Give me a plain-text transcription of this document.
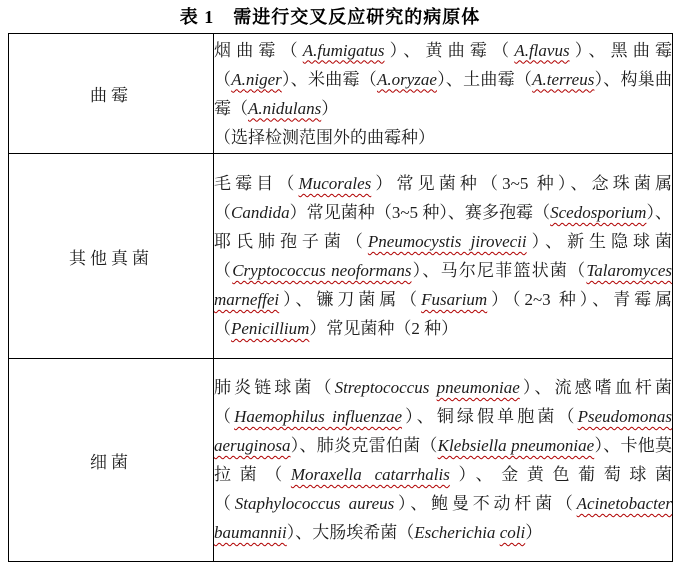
表 1　需进行交叉反应研究的病原体
曲霉	烟曲霉（A.fumigatus）、黄曲霉（A.flavus）、黑曲霉（A.niger）、米曲霉（A.oryzae）、土曲霉（A.terreus）、构巢曲霉（A.nidulans）

（选择检测范围外的曲霉种）

其他真菌	毛霉目（Mucorales）常见菌种（3~5 种）、念珠菌属（Candida）常见菌种（3~5 种）、赛多孢霉（Scedosporium）、耶氏肺孢子菌（Pneumocystis jirovecii）、新生隐球菌（Cryptococcus neoformans）、马尔尼菲篮状菌（Talaromyces marneffei）、镰刀菌属（Fusarium）（2~3 种）、青霉属（Penicillium）常见菌种（2 种）

细菌	肺炎链球菌（Streptococcus pneumoniae）、流感嗜血杆菌（Haemophilus influenzae）、铜绿假单胞菌（Pseudomonas aeruginosa）、肺炎克雷伯菌（Klebsiella pneumoniae）、卡他莫拉菌（Moraxella catarrhalis）、金黄色葡萄球菌（Staphylococcus aureus）、鲍曼不动杆菌（Acinetobacter baumannii）、大肠埃希菌（Escherichia coli）
